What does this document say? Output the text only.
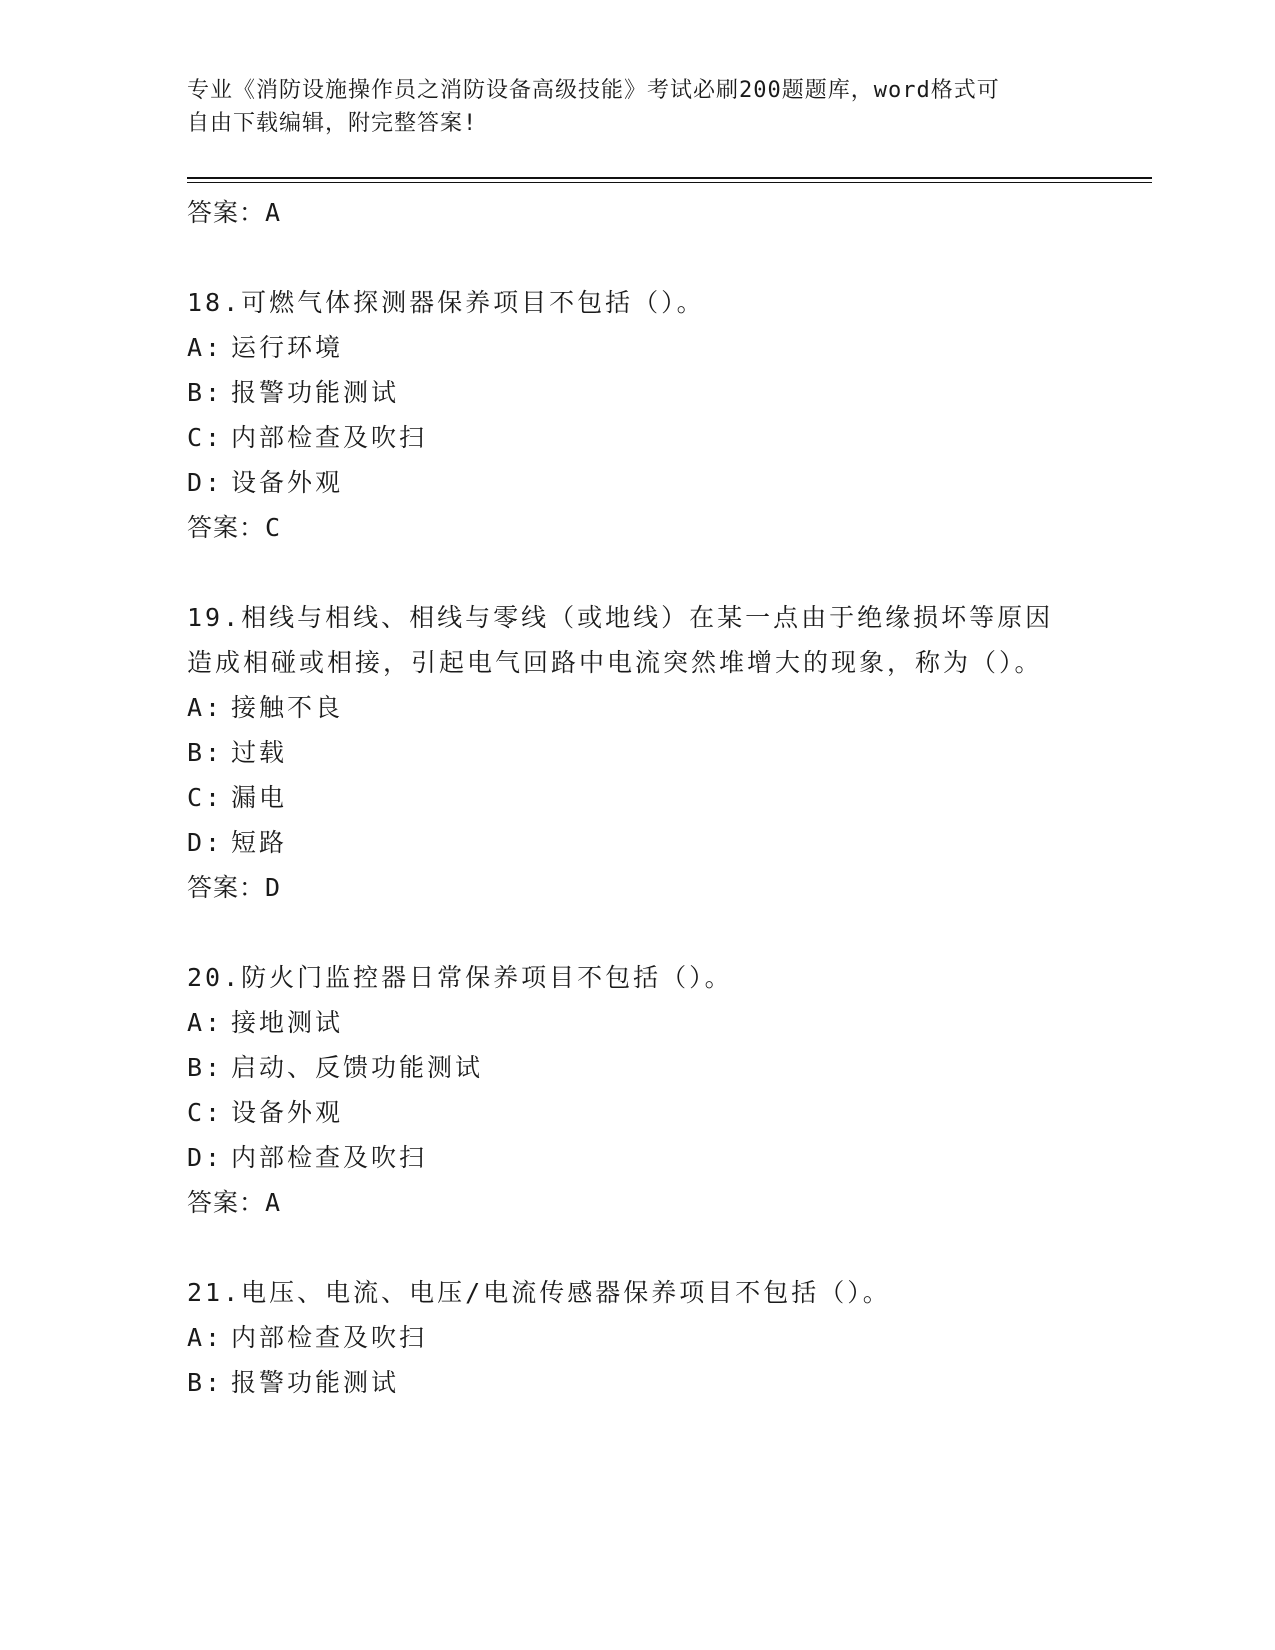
专业《消防设施操作员之消防设备高级技能》考试必刷200题题库，word格式可
自由下载编辑，附完整答案!
答案：A
18.可燃气体探测器保养项目不包括（）。
A: 运行环境
B: 报警功能测试
C: 内部检查及吹扫
D: 设备外观
答案：C
19.相线与相线、相线与零线（或地线）在某一点由于绝缘损坏等原因造成相碰或相接，引起电气回路中电流突然堆增大的现象，称为（）。
A: 接触不良
B: 过载
C: 漏电
D: 短路
答案：D
20.防火门监控器日常保养项目不包括（）。
A: 接地测试
B: 启动、反馈功能测试
C: 设备外观
D: 内部检查及吹扫
答案：A
21.电压、电流、电压/电流传感器保养项目不包括（）。
A: 内部检查及吹扫
B: 报警功能测试
